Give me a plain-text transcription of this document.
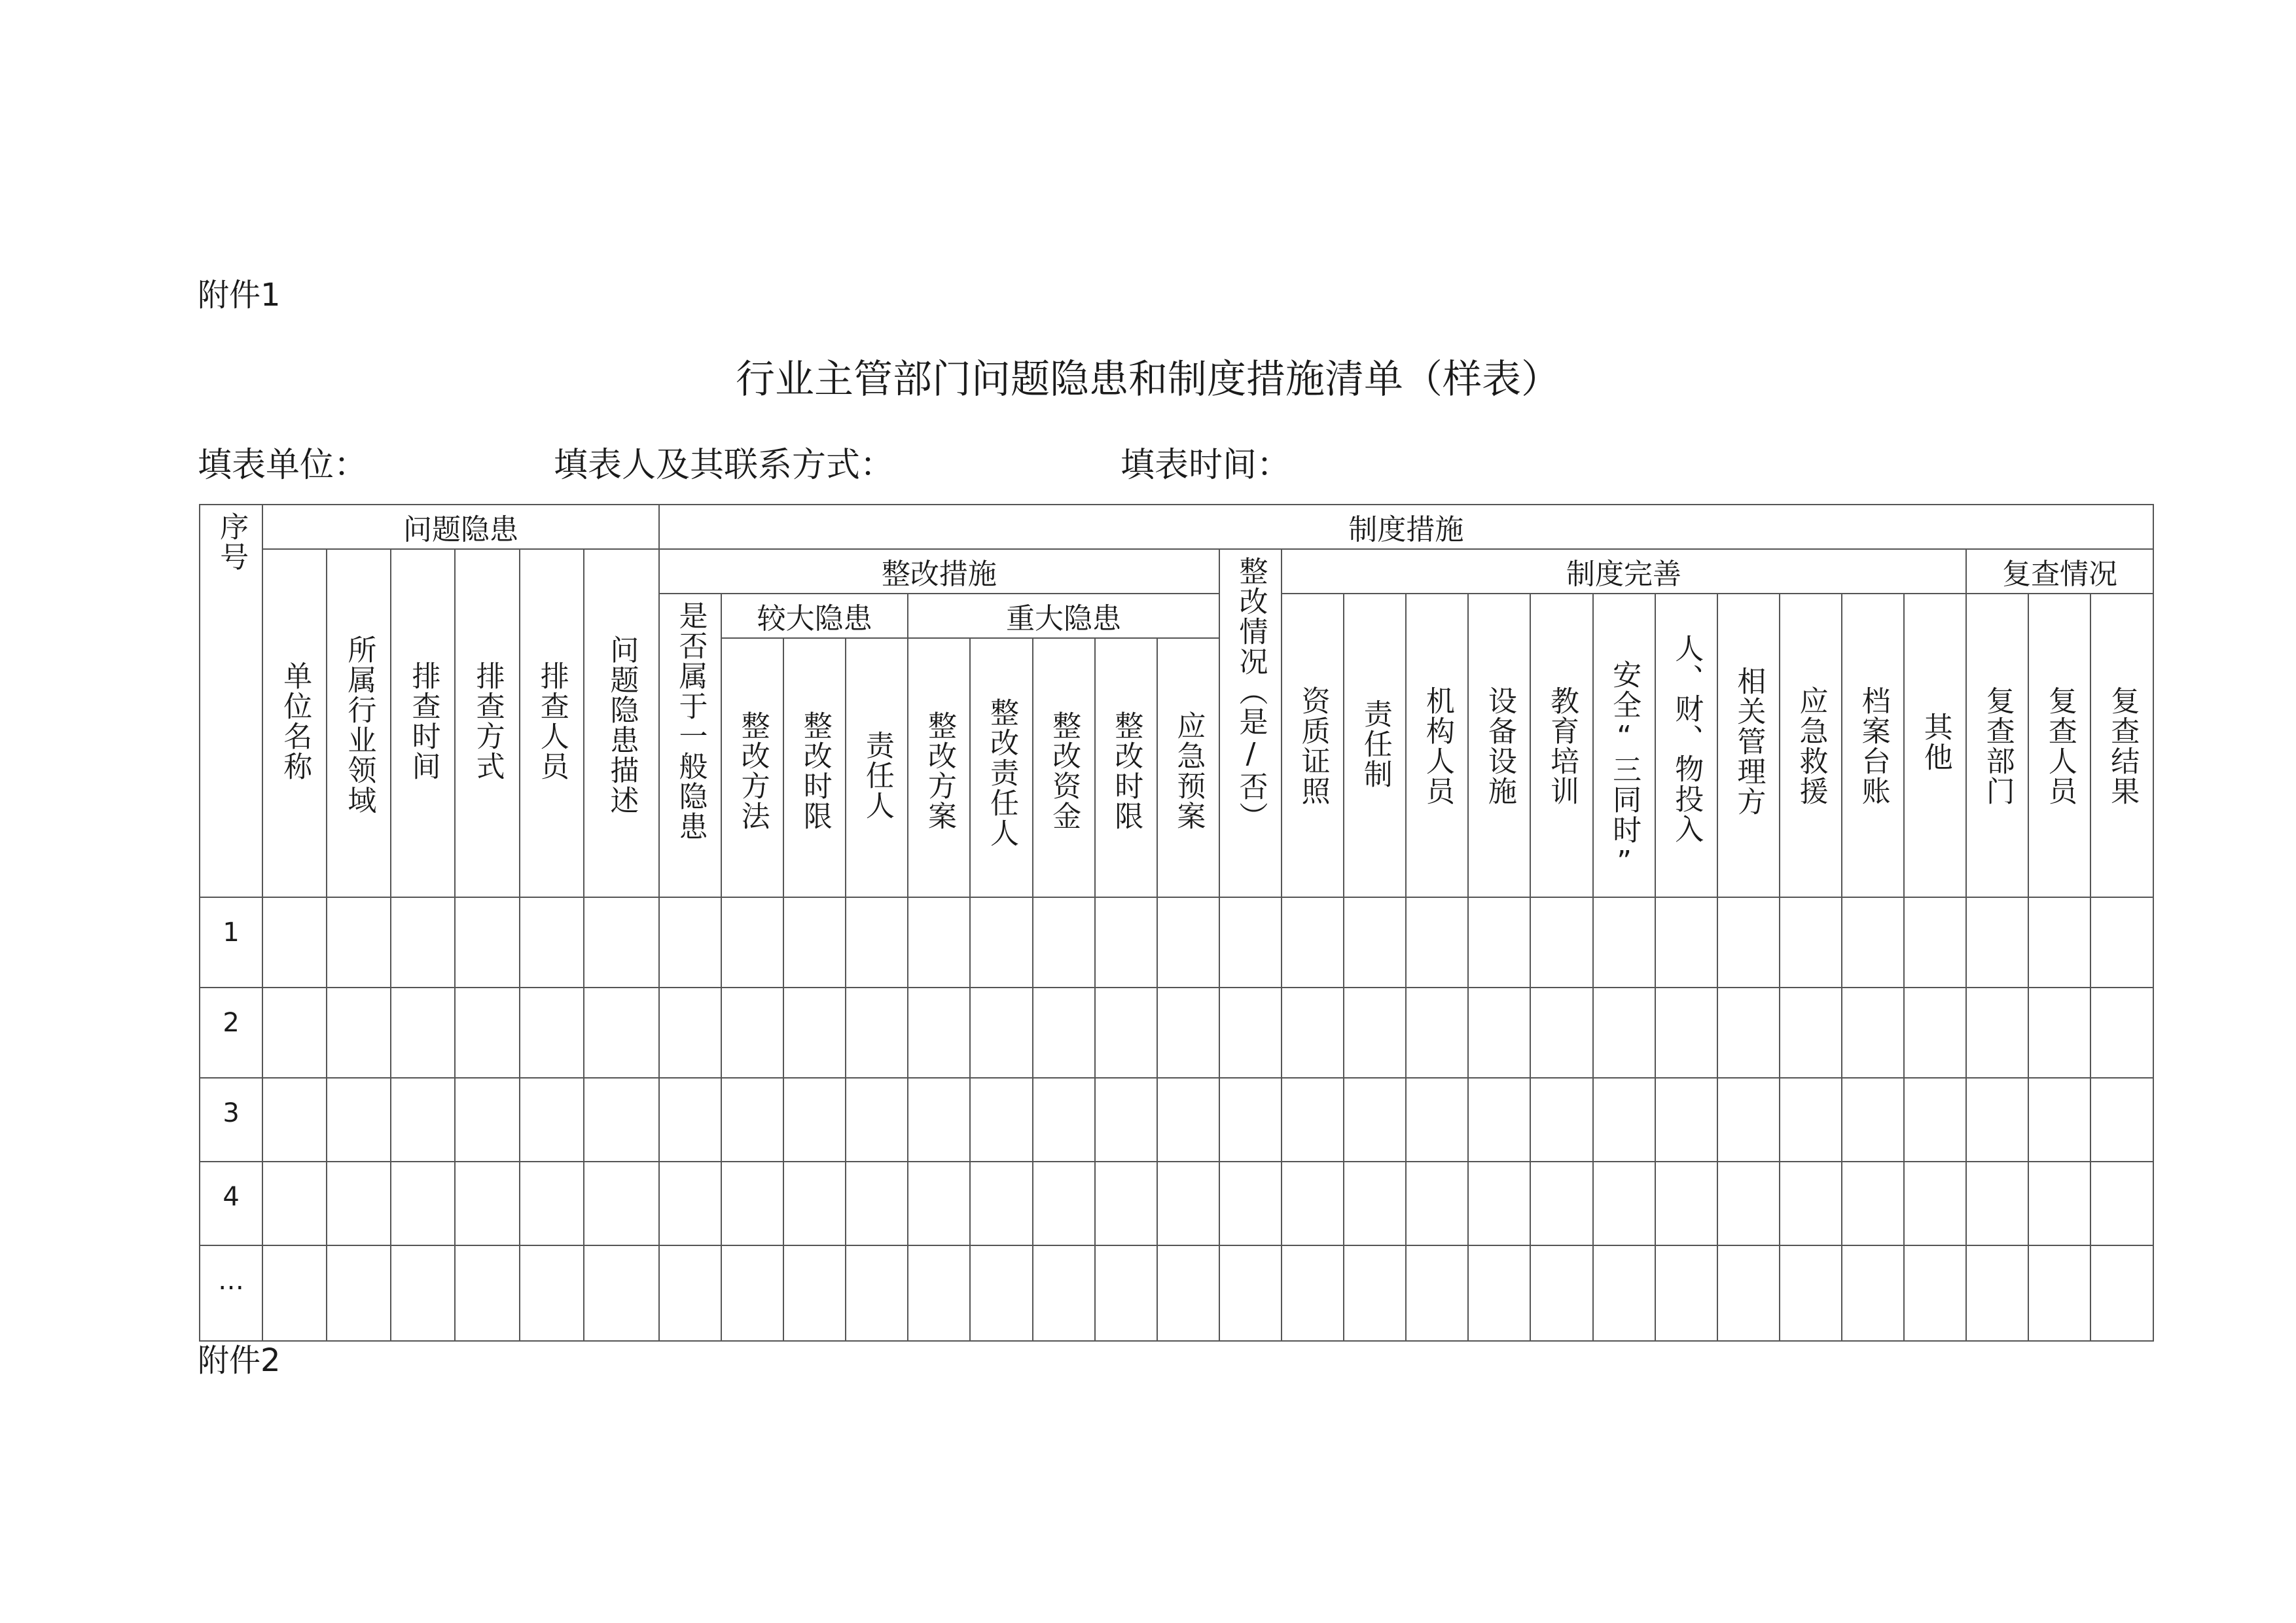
附件1
行业主管部门问题隐患和制度措施清单（样表）
填表单位：	填表人及其联系方式：	填表时间：
序号	问题隐患						制度措施																							
	单位名称	所属行业领域	排查时间	排查方式	排查人员	问题隐患描述	整改措施									整改情况（是/否）	制度完善											复查情况		
							是否属于一般隐患	较大隐患			重大隐患						资质证照	责任制	机构人员	设备设施	教育培训	安全“三同时”	人、财、物投入	相关管理方	应急救援	档案台账	其他	复查部门	复查人员	复查结果
								整改方法	整改时限	责任人	整改方案	整改责任人	整改资金	整改时限	应急预案															
1																														
2																														
3																														
4																														
…																														
附件2
